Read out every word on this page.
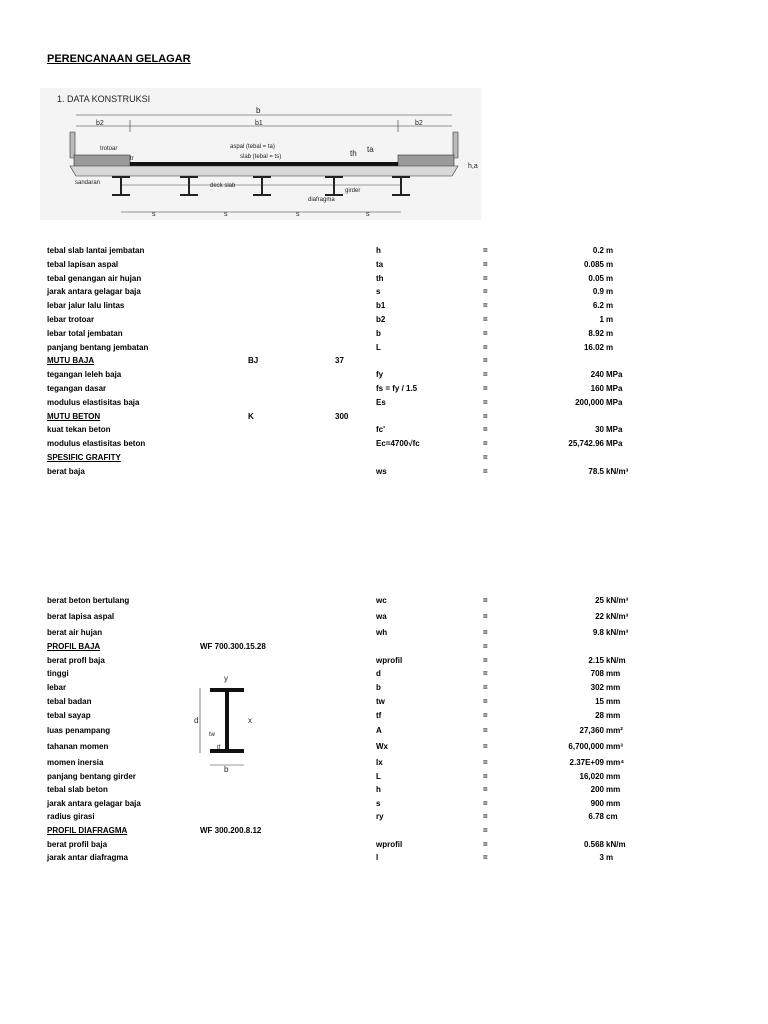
PERENCANAAN GELAGAR
1. DATA KONSTRUKSI
b
b2	b1	b2
s	s	s	s
trotoar
tr
aspal (tebal = ta)
slab (tebal = ts)	th ta
h,a
sandaran	deck slab
girder
diafragma
tebal slab lantai jembatan	h	=	0.2 m
tebal lapisan aspal	ta	=	0.085 m
tebal genangan air hujan	th	=	0.05 m
jarak antara gelagar baja	s	=	0.9 m
lebar jalur lalu lintas	b1	=	6.2 m
lebar trotoar	b2	=	1 m
lebar total jembatan	b	=	8.92 m
panjang bentang jembatan	L	=	16.02 m
MUTU BAJA	BJ	37	=
tegangan leleh baja	fy	=	240 MPa
tegangan dasar	fs = fy / 1.5	=	160 MPa
modulus elastisitas baja	Es	=	200,000 MPa
MUTU BETON	K	300	=
kuat tekan beton	fc'	=	30 MPa
modulus elastisitas beton	Ec=4700√fc	=	25,742.96 MPa
SPESIFIC GRAFITY	=
berat baja	ws	=	78.5 kN/m³
berat beton bertulang	wc	=	25 kN/m³
berat lapisa aspal	wa	=	22 kN/m³
berat air hujan	wh	=	9.8 kN/m³
PROFIL BAJA	WF 700.300.15.28	=
berat profl baja	wprofil	=	2.15 kN/m
tinggi	d	=	708 mm
lebar	b	=	302 mm
tebal badan	tw	=	15 mm
tebal sayap	tf	=	28 mm
luas penampang	A	=	27,360 mm²
tahanan momen	Wx	=	6,700,000 mm³
momen inersia	Ix	=	2.37E+09 mm⁴
panjang bentang girder	L	=	16,020 mm
tebal slab beton	h	=	200 mm
jarak antara gelagar baja	s	=	900 mm
radius girasi	ry	=	6.78 cm
PROFIL DIAFRAGMA	WF 300.200.8.12	=
berat profil baja	wprofil	=	0.568 kN/m
jarak antar diafragma	l	=	3 m
y
d	x
tw
tf
b
